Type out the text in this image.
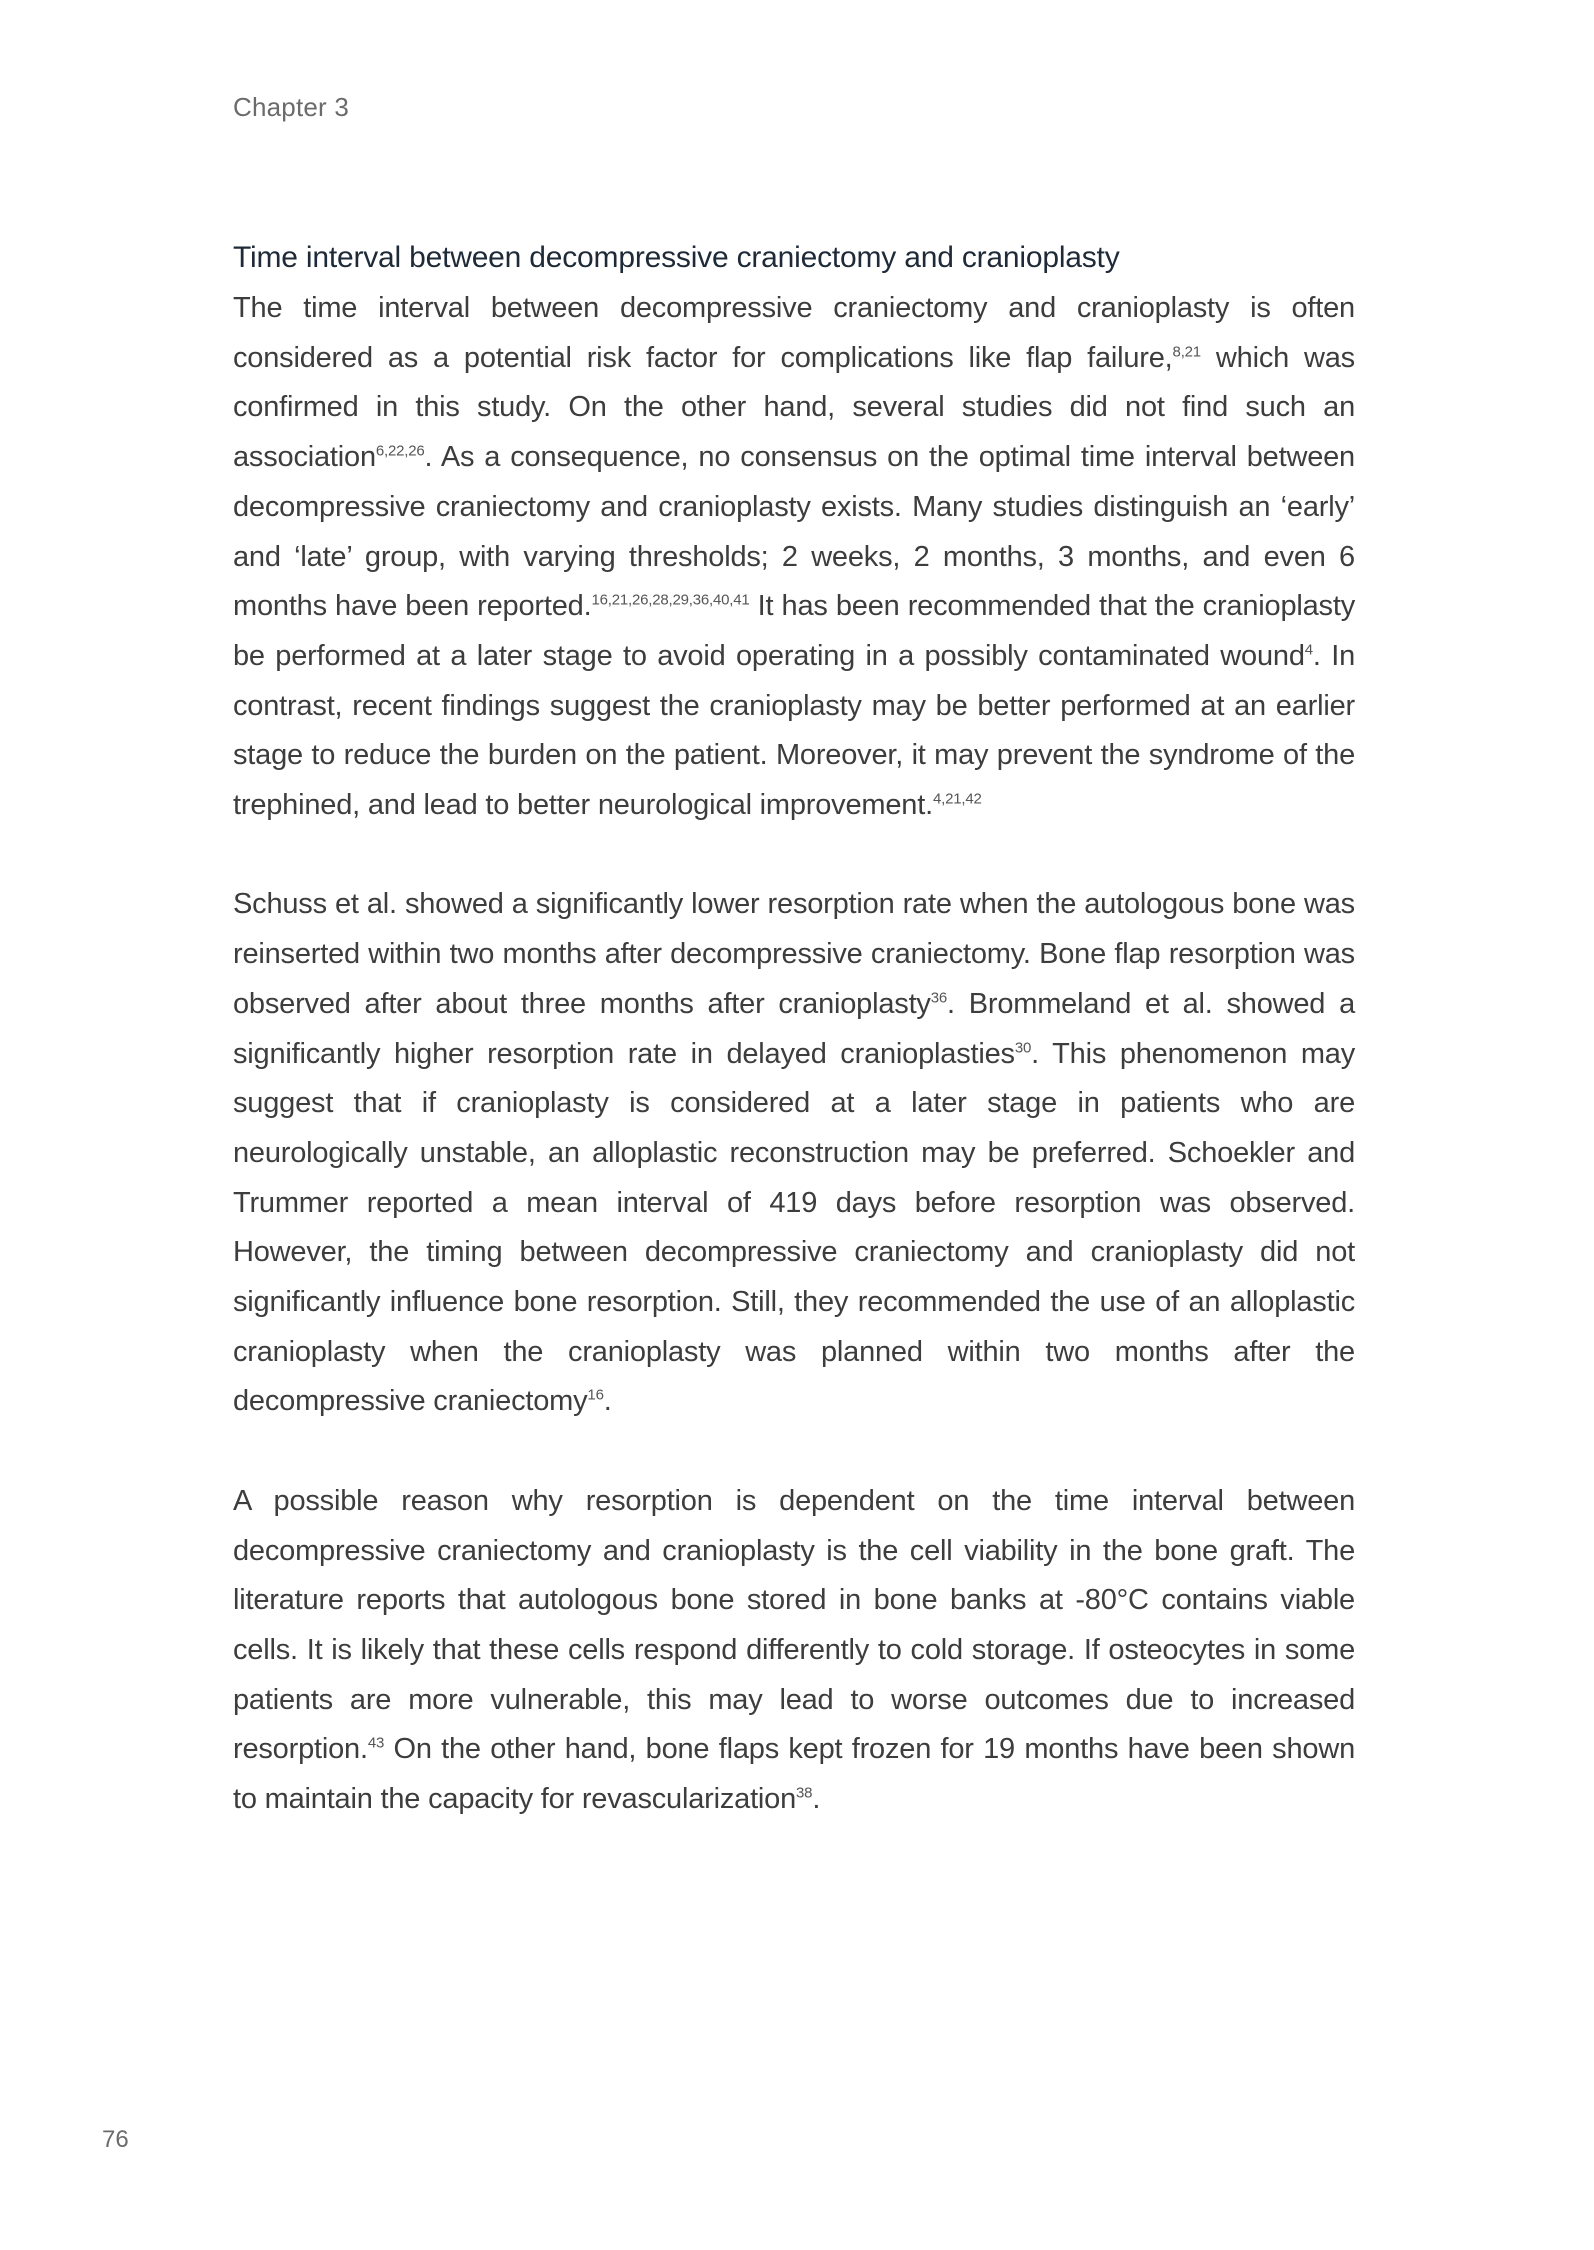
Chapter 3
Time interval between decompressive craniectomy and cranioplasty

The time interval between decompressive craniectomy and cranioplasty is often considered as a potential risk factor for complications like flap failure,$^{8,21}$ which was confirmed in this study. On the other hand, several studies did not find such an association$^{6,22,26}$. As a consequence, no consensus on the optimal time interval between decompressive craniectomy and cranioplasty exists. Many studies distinguish an ‘early’ and ‘late’ group, with varying thresholds; 2 weeks, 2 months, 3 months, and even 6 months have been reported.$^{16,21,26,28,29,36,40,41}$ It has been recommended that the cranioplasty be performed at a later stage to avoid operating in a possibly contaminated wound$^4$. In contrast, recent findings suggest the cranioplasty may be better performed at an earlier stage to reduce the burden on the patient. Moreover, it may prevent the syndrome of the trephined, and lead to better neurological improvement.$^{4,21,42}$

Schuss et al. showed a significantly lower resorption rate when the autologous bone was reinserted within two months after decompressive craniectomy. Bone flap resorption was observed after about three months after cranioplasty$^{36}$. Brommeland et al. showed a significantly higher resorption rate in delayed cranioplasties$^{30}$. This phenomenon may suggest that if cranioplasty is considered at a later stage in patients who are neurologically unstable, an alloplastic reconstruction may be preferred. Schoekler and Trummer reported a mean interval of 419 days before resorption was observed. However, the timing between decompressive craniectomy and cranioplasty did not significantly influence bone resorption. Still, they recommended the use of an alloplastic cranioplasty when the cranioplasty was planned within two months after the decompressive craniectomy$^{16}$.

A possible reason why resorption is dependent on the time interval between decompressive craniectomy and cranioplasty is the cell viability in the bone graft. The literature reports that autologous bone stored in bone banks at -80°C contains viable cells. It is likely that these cells respond differently to cold storage. If osteocytes in some patients are more vulnerable, this may lead to worse outcomes due to increased resorption.$^{43}$ On the other hand, bone flaps kept frozen for 19 months have been shown to maintain the capacity for revascularization$^{38}$.

76
